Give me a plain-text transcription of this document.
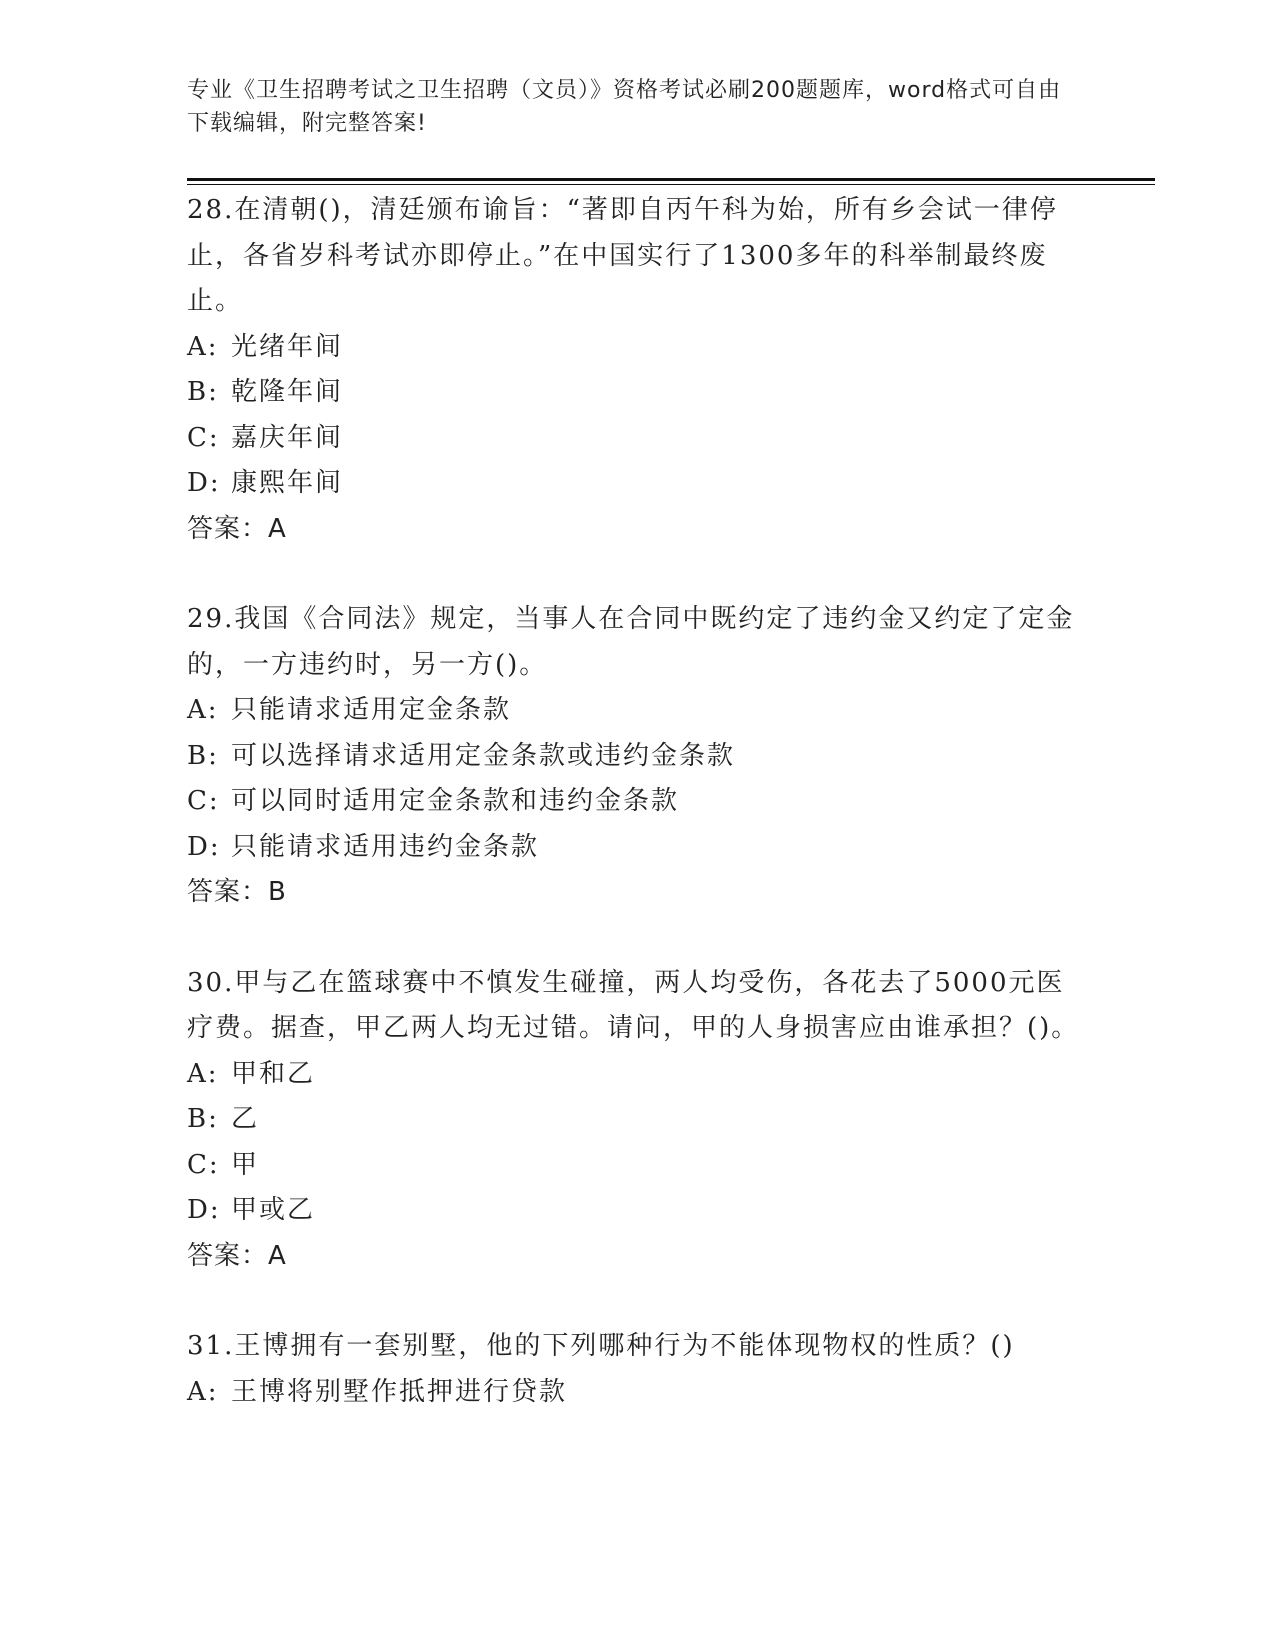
专业《卫生招聘考试之卫生招聘（文员）》资格考试必刷200题题库，word格式可自由下载编辑，附完整答案!
28.在清朝()，清廷颁布谕旨：“著即自丙午科为始，所有乡会试一律停止，各省岁科考试亦即停止。”在中国实行了1300多年的科举制最终废止。
A: 光绪年间
B: 乾隆年间
C: 嘉庆年间
D: 康熙年间
答案：A
29.我国《合同法》规定，当事人在合同中既约定了违约金又约定了定金的，一方违约时，另一方()。
A: 只能请求适用定金条款
B: 可以选择请求适用定金条款或违约金条款
C: 可以同时适用定金条款和违约金条款
D: 只能请求适用违约金条款
答案：B
30.甲与乙在篮球赛中不慎发生碰撞，两人均受伤，各花去了5000元医疗费。据查，甲乙两人均无过错。请问，甲的人身损害应由谁承担？()。
A: 甲和乙
B: 乙
C: 甲
D: 甲或乙
答案：A
31.王博拥有一套别墅，他的下列哪种行为不能体现物权的性质？()
A: 王博将别墅作抵押进行贷款
